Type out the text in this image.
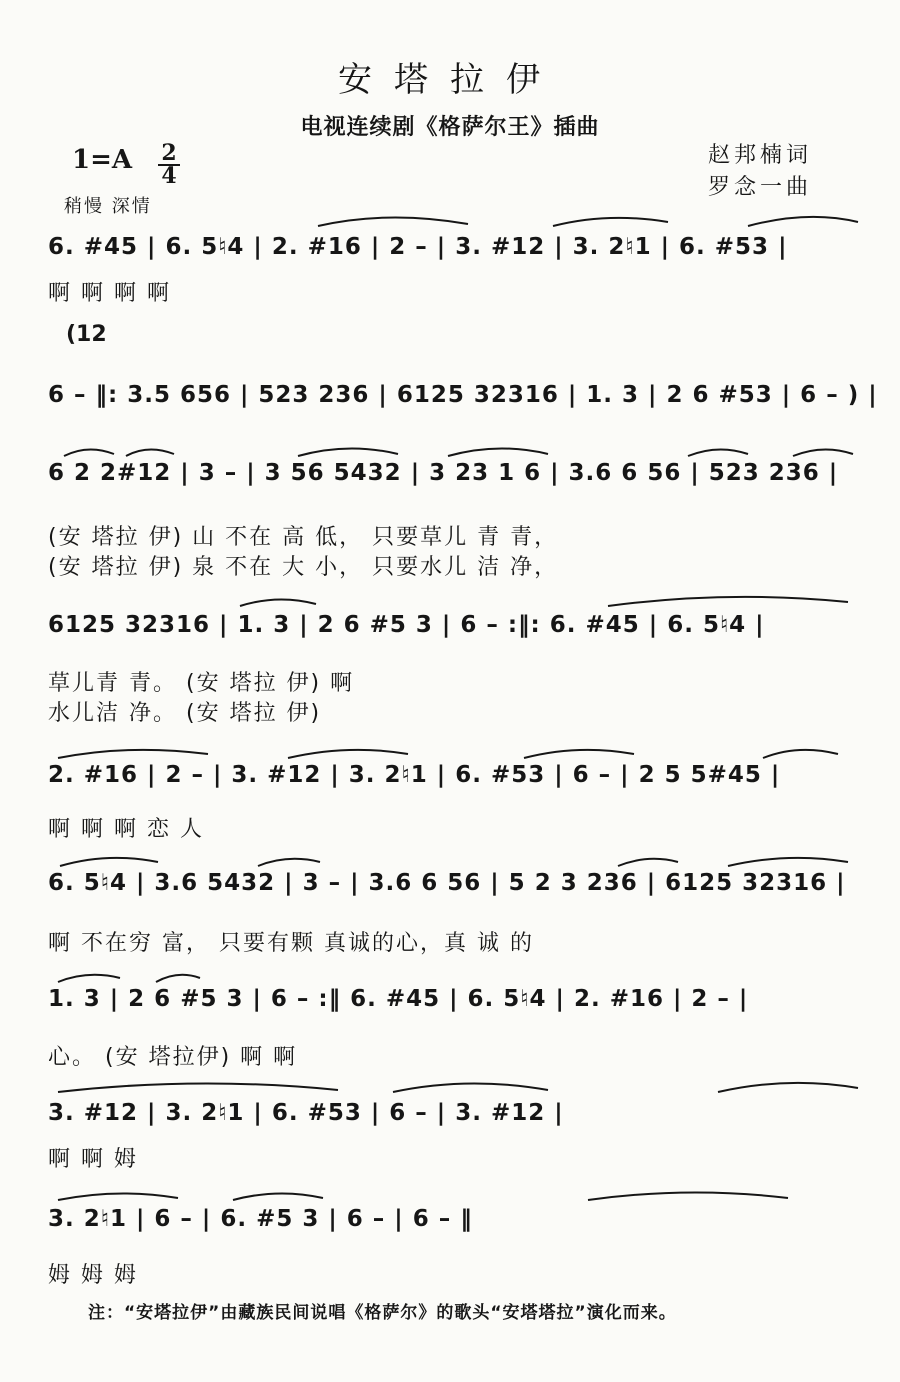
安塔拉伊
电视连续剧《格萨尔王》插曲
赵邦楠词
罗念一曲
1=A 2
4
稍慢 深情
6. #45 | 6. 5♮4 | 2. #16 | 2 – | 3. #12 | 3. 2♮1 | 6. #53 |
啊 啊 啊 啊
(12
6 – ‖: 3.5 656 | 523 236 | 6125 32316 | 1. 3 | 2 6 #53 | 6 – ) |
6 2 2#12 | 3 – | 3 56 5432 | 3 23 1 6 | 3.6 6 56 | 523 236 |
(安 塔拉 伊) 山 不在 高 低， 只要草儿 青 青，
(安 塔拉 伊) 泉 不在 大 小， 只要水儿 洁 净，
6125 32316 | 1. 3 | 2 6 #5 3 | 6 – :‖: 6. #45 | 6. 5♮4 |
草儿青 青。 (安 塔拉 伊) 啊
水儿洁 净。 (安 塔拉 伊)
2. #16 | 2 – | 3. #12 | 3. 2♮1 | 6. #53 | 6 – | 2 5 5#45 |
啊 啊 啊 恋 人
6. 5♮4 | 3.6 5432 | 3 – | 3.6 6 56 | 5 2 3 236 | 6125 32316 |
啊 不在穷 富， 只要有颗 真诚的心，真 诚 的
1. 3 | 2 6 #5 3 | 6 – :‖ 6. #45 | 6. 5♮4 | 2. #16 | 2 – |
心。 (安 塔拉伊) 啊 啊
3. #12 | 3. 2♮1 | 6. #53 | 6 – | 3. #12 |
啊 啊 姆
3. 2♮1 | 6 – | 6. #5 3 | 6 – | 6 – ‖
姆 姆 姆
注：“安塔拉伊”由藏族民间说唱《格萨尔》的歌头“安塔塔拉”演化而来。
